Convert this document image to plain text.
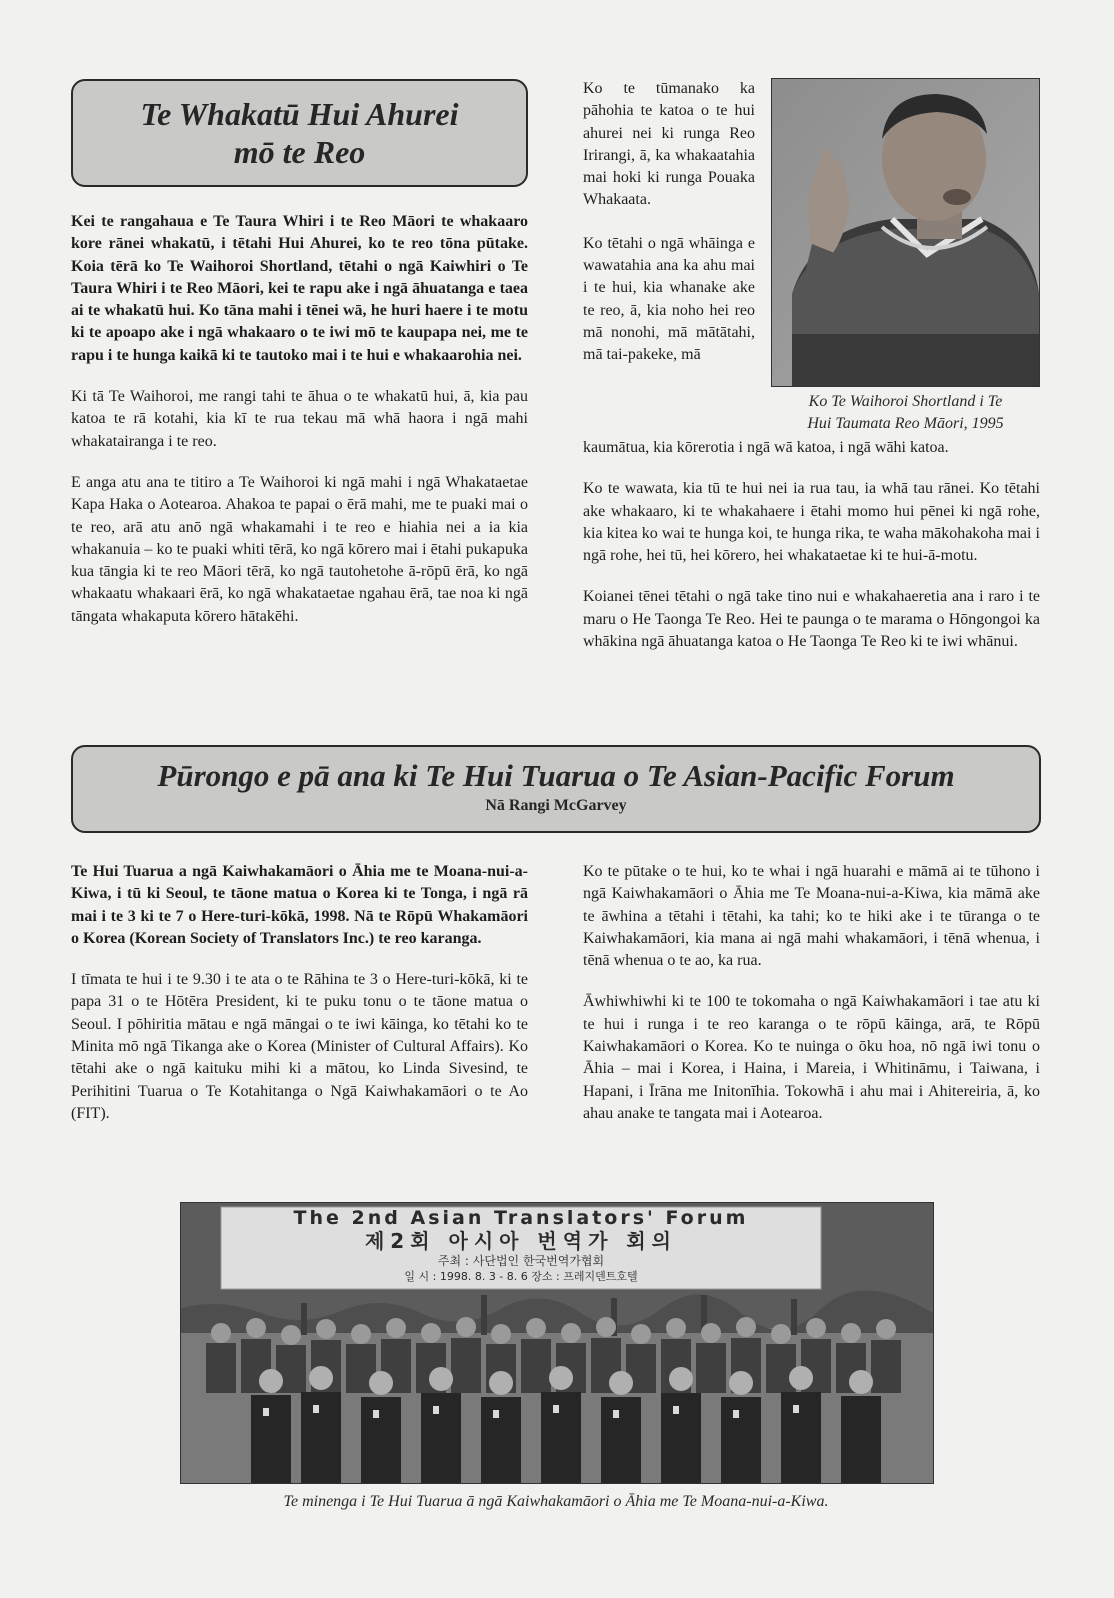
Te Whakatū Hui Ahurei
mō te Reo

Kei te rangahaua e Te Taura Whiri i te Reo Māori te whakaaro kore rānei whakatū, i tētahi Hui Ahurei, ko te reo tōna pūtake. Koia tērā ko Te Waihoroi Shortland, tētahi o ngā Kaiwhiri o Te Taura Whiri i te Reo Māori, kei te rapu ake i ngā āhuatanga e taea ai te whakatū hui. Ko tāna mahi i tēnei wā, he huri haere i te motu ki te apoapo ake i ngā whakaaro o te iwi mō te kaupapa nei, me te rapu i te hunga kaikā ki te tautoko mai i te hui e whakaarohia nei.

Ki tā Te Waihoroi, me rangi tahi te āhua o te whakatū hui, ā, kia pau katoa te rā kotahi, kia kī te rua tekau mā whā haora i ngā mahi whakatairanga i te reo.

E anga atu ana te titiro a Te Waihoroi ki ngā mahi i ngā Whakataetae Kapa Haka o Aotearoa. Ahakoa te papai o ērā mahi, me te puaki mai o te reo, arā atu anō ngā whakamahi i te reo e hiahia nei a ia kia whakanuia – ko te puaki whiti tērā, ko ngā kōrero mai i ētahi pukapuka kua tāngia ki te reo Māori tērā, ko ngā tautohetohe ā-rōpū ērā, ko ngā whakaatu whakaari ērā, ko ngā whakataetae ngahau ērā, tae noa ki ngā tāngata whakaputa kōrero hātakēhi.

Ko te tūmanako ka pāhohia te katoa o te hui ahurei nei ki runga Reo Irirangi, ā, ka whakaatahia mai hoki ki runga Pouaka Whakaata.

Ko tētahi o ngā whāinga e wawatahia ana ka ahu mai i te hui, kia whanake ake te reo, ā, kia noho hei reo mā nonohi, mā mātātahi, mā tai-pakeke, mā

Ko Te Waihoroi Shortland i Te
Hui Taumata Reo Māori, 1995

kaumātua, kia kōrerotia i ngā wā katoa, i ngā wāhi katoa.

Ko te wawata, kia tū te hui nei ia rua tau, ia whā tau rānei. Ko tētahi ake whakaaro, ki te whakahaere i ētahi momo hui pēnei ki ngā rohe, kia kitea ko wai te hunga koi, te hunga rika, te waha mākohakoha mai i ngā rohe, hei tū, hei kōrero, hei whakataetae ki te hui-ā-motu.

Koianei tēnei tētahi o ngā take tino nui e whakahaeretia ana i raro i te maru o He Taonga Te Reo. Hei te paunga o te marama o Hōngongoi ka whākina ngā āhuatanga katoa o He Taonga Te Reo ki te iwi whānui.

Pūrongo e pā ana ki Te Hui Tuarua o Te Asian-Pacific Forum
Nā Rangi McGarvey

Te Hui Tuarua a ngā Kaiwhakamāori o Āhia me te Moana-nui-a-Kiwa, i tū ki Seoul, te tāone matua o Korea ki te Tonga, i ngā rā mai i te 3 ki te 7 o Here-turi-kōkā, 1998. Nā te Rōpū Whakamāori o Korea (Korean Society of Translators Inc.) te reo karanga.

I tīmata te hui i te 9.30 i te ata o te Rāhina te 3 o Here-turi-kōkā, ki te papa 31 o te Hōtēra President, ki te puku tonu o te tāone matua o Seoul. I pōhiritia mātau e ngā māngai o te iwi kāinga, ko tētahi ko te Minita mō ngā Tikanga ake o Korea (Minister of Cultural Affairs). Ko tētahi ake o ngā kaituku mihi ki a mātou, ko Linda Sivesind, te Perihitini Tuarua o Te Kotahitanga o Ngā Kaiwhakamāori o te Ao (FIT).

Ko te pūtake o te hui, ko te whai i ngā huarahi e māmā ai te tūhono i ngā Kaiwhakamāori o Āhia me Te Moana-nui-a-Kiwa, kia māmā ake te āwhina a tētahi i tētahi, ka tahi; ko te hiki ake i te tūranga o te Kaiwhakamāori, kia mana ai ngā mahi whakamāori, i tēnā whenua, i tēnā whenua o te ao, ka rua.

Āwhiwhiwhi ki te 100 te tokomaha o ngā Kaiwhakamāori i tae atu ki te hui i runga i te reo karanga o te rōpū kāinga, arā, te Rōpū Kaiwhakamāori o Korea. Ko te nuinga o ōku hoa, nō ngā iwi tonu o Āhia – mai i Korea, i Haina, i Mareia, i Whitināmu, i Taiwana, i Hapani, i Īrāna me Initonīhia. Tokowhā i ahu mai i Ahitereiria, ā, ko ahau anake te tangata mai i Aotearoa.

The 2nd Asian Translators' Forum
제2회 아시아 번역가 회의
주최 : 사단법인 한국번역가협회
일 시 : 1998. 8. 3 - 8. 6 장소 : 프레지덴트호텔
Te minenga i Te Hui Tuarua ā ngā Kaiwhakamāori o Āhia me Te Moana-nui-a-Kiwa.
